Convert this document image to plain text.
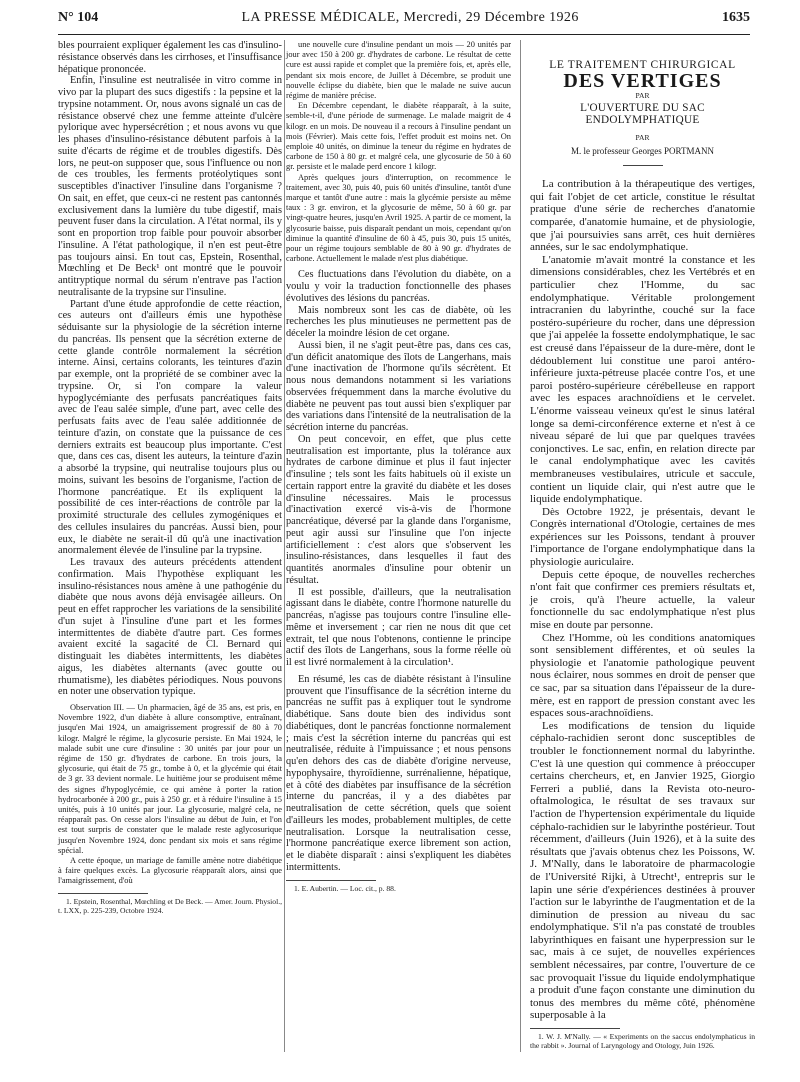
N° 104	LA PRESSE MÉDICALE, Mercredi, 29 Décembre 1926	1635

bles pourraient expliquer également les cas d'insulino-résistance observés dans les cirrhoses, et l'insuffisance hépatique prononcée.

Enfin, l'insuline est neutralisée in vitro comme in vivo par la plupart des sucs digestifs : la pepsine et la trypsine notamment. Or, nous avons signalé un cas de résistance observé chez une femme atteinte d'ulcère pylorique avec hypersécrétion ; et nous avons vu que les phases d'insulino-résistance débutent parfois à la suite d'écarts de régime et de troubles digestifs. Dès lors, ne peut-on supposer que, sous l'influence ou non de ces troubles, les ferments protéolytiques sont susceptibles d'inactiver l'insuline dans l'organisme ? On sait, en effet, que ceux-ci ne restent pas cantonnés exclusivement dans la lumière du tube digestif, mais peuvent fuser dans la circulation. A l'état normal, ils y sont en proportion trop faible pour pouvoir absorber l'insuline. A l'état pathologique, il n'en est peut-être pas toujours ainsi. En tout cas, Epstein, Rosenthal, Mœchling et De Beck¹ ont montré que le pouvoir antitryptique normal du sérum n'entrave pas l'action neutralisante de la trypsine sur l'insuline.

Partant d'une étude approfondie de cette réaction, ces auteurs ont d'ailleurs émis une hypothèse séduisante sur la physiologie de la sécrétion interne du pancréas. Ils pensent que la sécrétion externe de cette glande contrôle normalement la sécrétion interne. Ainsi, certains colorants, les teintures d'azin par exemple, ont la propriété de se combiner avec la trypsine. Or, si l'on compare la valeur hypoglycémiante des perfusats pancréatiques faits avec de l'eau salée simple, d'une part, avec celle des perfusats faits avec de l'eau salée additionnée de teinture d'azin, on constate que la puissance de ces derniers extraits est beaucoup plus importante. C'est que, dans ces cas, disent les auteurs, la teinture d'azin a absorbé la trypsine, qui neutralise toujours plus ou moins, suivant les besoins de l'organisme, l'action de l'hormone pancréatique. Et ils expliquent la possibilité de ces inter-réactions de contrôle par la proximité structurale des cellules zymogéniques et des cellules insulaires du pancréas. Aussi bien, pour eux, le diabète ne serait-il dû qu'à une inactivation anormalement élevée de l'insuline par la trypsine.

Les travaux des auteurs précédents attendent confirmation. Mais l'hypothèse expliquant les insulino-résistances nous amène à une pathogénie du diabète que nous avons déjà envisagée ailleurs. On peut en effet rapprocher les variations de la sensibilité d'un sujet à l'insuline d'une part et les formes intermittentes de diabète d'autre part. Ces formes avaient excité la sagacité de Cl. Bernard qui distinguait les diabètes intermittents, les diabètes aigus, les diabètes alternants (avec goutte ou rhumatisme), les diabètes périodiques. Nous pouvons en noter une observation typique.

Observation III. — Un pharmacien, âgé de 35 ans, est pris, en Novembre 1922, d'un diabète à allure consomptive, entraînant, jusqu'en Mai 1924, un amaigrissement progressif de 80 à 70 kilogr. Malgré le régime, la glycosurie persiste. En Mai 1924, le malade subit une cure d'insuline : 30 unités par jour pour un régime de 150 gr. d'hydrates de carbone. En trois jours, la glycosurie, qui était de 75 gr., tombe à 0, et la glycémie qui était de 3 gr. 33 devient normale. Le huitième jour se produisent même des signes d'hypoglycémie, ce qui amène à porter la ration hydrocarbonée à 200 gr., puis à 250 gr. et à réduire l'insuline à 15 unités, puis à 10 unités par jour. La glycosurie, malgré cela, ne réapparaît pas. On cesse alors l'insuline au début de Juin, et l'on est tout surpris de constater que le malade reste aglycosurique jusqu'en Novembre 1924, donc pendant six mois et sans régime spécial.

A cette époque, un mariage de famille amène notre diabétique à faire quelques excès. La glycosurie réapparaît alors, ainsi que l'amaigrissement, d'où

1. Epstein, Rosenthal, Mœchling et De Beck. — Amer. Journ. Physiol., t. LXX, p. 225-239, Octobre 1924.

une nouvelle cure d'insuline pendant un mois — 20 unités par jour avec 150 à 200 gr. d'hydrates de carbone. Le résultat de cette cure est aussi rapide et complet que la première fois, et, après elle, pendant six mois encore, de Juillet à Décembre, se produit une nouvelle éclipse du diabète, bien que le malade ne suive aucun régime de manière précise.

En Décembre cependant, le diabète réapparaît, à la suite, semble-t-il, d'une période de surmenage. Le malade maigrit de 4 kilogr. en un mois. De nouveau il a recours à l'insuline pendant un mois (Février). Mais cette fois, l'effet produit est moins net. On emploie 40 unités, on diminue la teneur du régime en hydrates de carbone de 150 à 80 gr. et malgré cela, une glycosurie de 50 à 60 gr. persiste et le malade perd encore 1 kilogr.

Après quelques jours d'interruption, on recommence le traitement, avec 30, puis 40, puis 60 unités d'insuline, tantôt d'une marque et tantôt d'une autre : mais la glycémie persiste au même taux : 3 gr. environ, et la glycosurie de même, 50 à 60 gr. par vingt-quatre heures, jusqu'en Avril 1925. A partir de ce moment, la glycosurie baisse, puis disparaît pendant un mois, cependant qu'on diminue la quantité d'insuline de 60 à 45, puis 30, puis 15 unités, pour un régime toujours semblable de 80 à 90 gr. d'hydrates de carbone. Actuellement le malade n'est plus diabétique.

Ces fluctuations dans l'évolution du diabète, on a voulu y voir la traduction fonctionnelle des phases évolutives des lésions du pancréas.

Mais nombreux sont les cas de diabète, où les recherches les plus minutieuses ne permettent pas de déceler la moindre lésion de cet organe.

Aussi bien, il ne s'agit peut-être pas, dans ces cas, d'un déficit anatomique des îlots de Langerhans, mais d'une inactivation de l'hormone qu'ils sécrètent. Et nous nous demandons notamment si les variations observées fréquemment dans la marche évolutive du diabète ne peuvent pas tout aussi bien s'expliquer par des variations dans l'intensité de la neutralisation de la sécrétion interne du pancréas.

On peut concevoir, en effet, que plus cette neutralisation est importante, plus la tolérance aux hydrates de carbone diminue et plus il faut injecter d'insuline ; tels sont les faits habituels où il existe un certain rapport entre la gravité du diabète et les doses d'insuline nécessaires. Mais le processus d'inactivation exercé vis-à-vis de l'hormone pancréatique, déversé par la glande dans l'organisme, peut agir aussi sur l'insuline que l'on injecte artificiellement : c'est alors que s'observent les insulino-résistances, dans lesquelles il faut des quantités anormales d'insuline pour obtenir un résultat.

Il est possible, d'ailleurs, que la neutralisation agissant dans le diabète, contre l'hormone naturelle du pancréas, n'agisse pas toujours contre l'insuline elle-même et inversement ; car rien ne nous dit que cet extrait, tel que nous l'obtenons, contienne le principe actif des îlots de Langerhans, sous la forme réelle où il est livré normalement à la circulation¹.

En résumé, les cas de diabète résistant à l'insuline prouvent que l'insuffisance de la sécrétion interne du pancréas ne suffit pas à expliquer tout le syndrome diabétique. Sans doute bien des individus sont diabétiques, dont le pancréas fonctionne normalement ; mais c'est la sécrétion interne du pancréas qui est neutralisée, réduite à l'impuissance ; et nous pensons qu'en dehors des cas de diabète d'origine nerveuse, hypophysaire, thyroïdienne, surrénalienne, hépatique, et à côté des diabètes par insuffisance de la sécrétion interne du pancréas, il y a des diabètes par neutralisation de cette sécrétion, quels que soient d'ailleurs les modes, probablement multiples, de cette neutralisation. Lorsque la neutralisation cesse, l'hormone pancréatique exerce librement son action, et le diabète disparaît : ainsi s'expliquent les diabètes intermittents.

1. E. Aubertin. — Loc. cit., p. 88.

LE TRAITEMENT CHIRURGICAL
DES VERTIGES
PAR
L'OUVERTURE DU SAC ENDOLYMPHATIQUE
PAR
M. le professeur Georges PORTMANN

La contribution à la thérapeutique des vertiges, qui fait l'objet de cet article, constitue le résultat pratique d'une série de recherches d'anatomie comparée, d'anatomie humaine, et de physiologie, que j'ai poursuivies sans arrêt, ces huit dernières années, sur le sac endolymphatique.

L'anatomie m'avait montré la constance et les dimensions considérables, chez les Vertébrés et en particulier chez l'Homme, du sac endolymphatique. Véritable prolongement intracranien du labyrinthe, couché sur la face postéro-supérieure du rocher, dans une dépression que j'ai appelée la fossette endolymphatique, le sac est creusé dans l'épaisseur de la dure-mère, dont le dédoublement lui constitue une paroi antéro-inférieure juxta-pétreuse placée contre l'os, et une paroi postéro-supérieure cérébelleuse en rapport avec les espaces arachnoïdiens et le cervelet. L'énorme vaisseau veineux qu'est le sinus latéral longe sa demi-circonférence externe et n'est à ce niveau séparé de lui que par quelques travées conjonctives. Le sac, enfin, en relation directe par le canal endolymphatique avec les cavités membraneuses vestibulaires, utricule et saccule, contient un liquide clair, qui n'est autre que le liquide endolymphatique.

Dès Octobre 1922, je présentais, devant le Congrès international d'Otologie, certaines de mes expériences sur les Poissons, tendant à prouver l'importance de l'organe endolymphatique dans la physiologie auriculaire.

Depuis cette époque, de nouvelles recherches n'ont fait que confirmer ces premiers résultats et, je crois, qu'à l'heure actuelle, la valeur fonctionnelle du sac endolymphatique n'est plus mise en doute par personne.

Chez l'Homme, où les conditions anatomiques sont sensiblement différentes, et où seules la physiologie et l'anatomie pathologique peuvent nous éclairer, nous sommes en droit de penser que ce sac, par sa situation dans l'épaisseur de la dure-mère, est en rapport de pression constant avec les espaces sous-arachnoïdiens.

Les modifications de tension du liquide céphalo-rachidien seront donc susceptibles de troubler le fonctionnement normal du labyrinthe. C'est là une question qui commence à préoccuper certains chercheurs, et, en Janvier 1925, Giorgio Ferreri a publié, dans la Revista oto-neuro-oftalmologica, le résultat de ses travaux sur l'action de l'hypertension expérimentale du liquide céphalo-rachidien sur le labyrinthe postérieur. Tout récemment, d'ailleurs (Juin 1926), et à la suite des résultats que j'avais obtenus chez les Poissons, W. J. M'Nally, dans le laboratoire de pharmacologie de l'Université Rijki, à Utrecht¹, entrepris sur le lapin une série d'expériences destinées à prouver l'action sur le labyrinthe de l'augmentation et de la diminution de pression au niveau du sac endolymphatique. S'il n'a pas constaté de troubles labyrinthiques en faisant une hyperpression sur le sac, mais à ce sujet, de nouvelles expériences semblent nécessaires, par contre, l'ouverture de ce sac provoquait l'issue du liquide endolymphatique a produit d'une façon constante une diminution du tonus des membres du même côté, phénomène superposable à la

1. W. J. M'Nally. — « Experiments on the saccus endolymphaticus in the rabbit ». Journal of Laryngology and Otology, Juin 1926.
